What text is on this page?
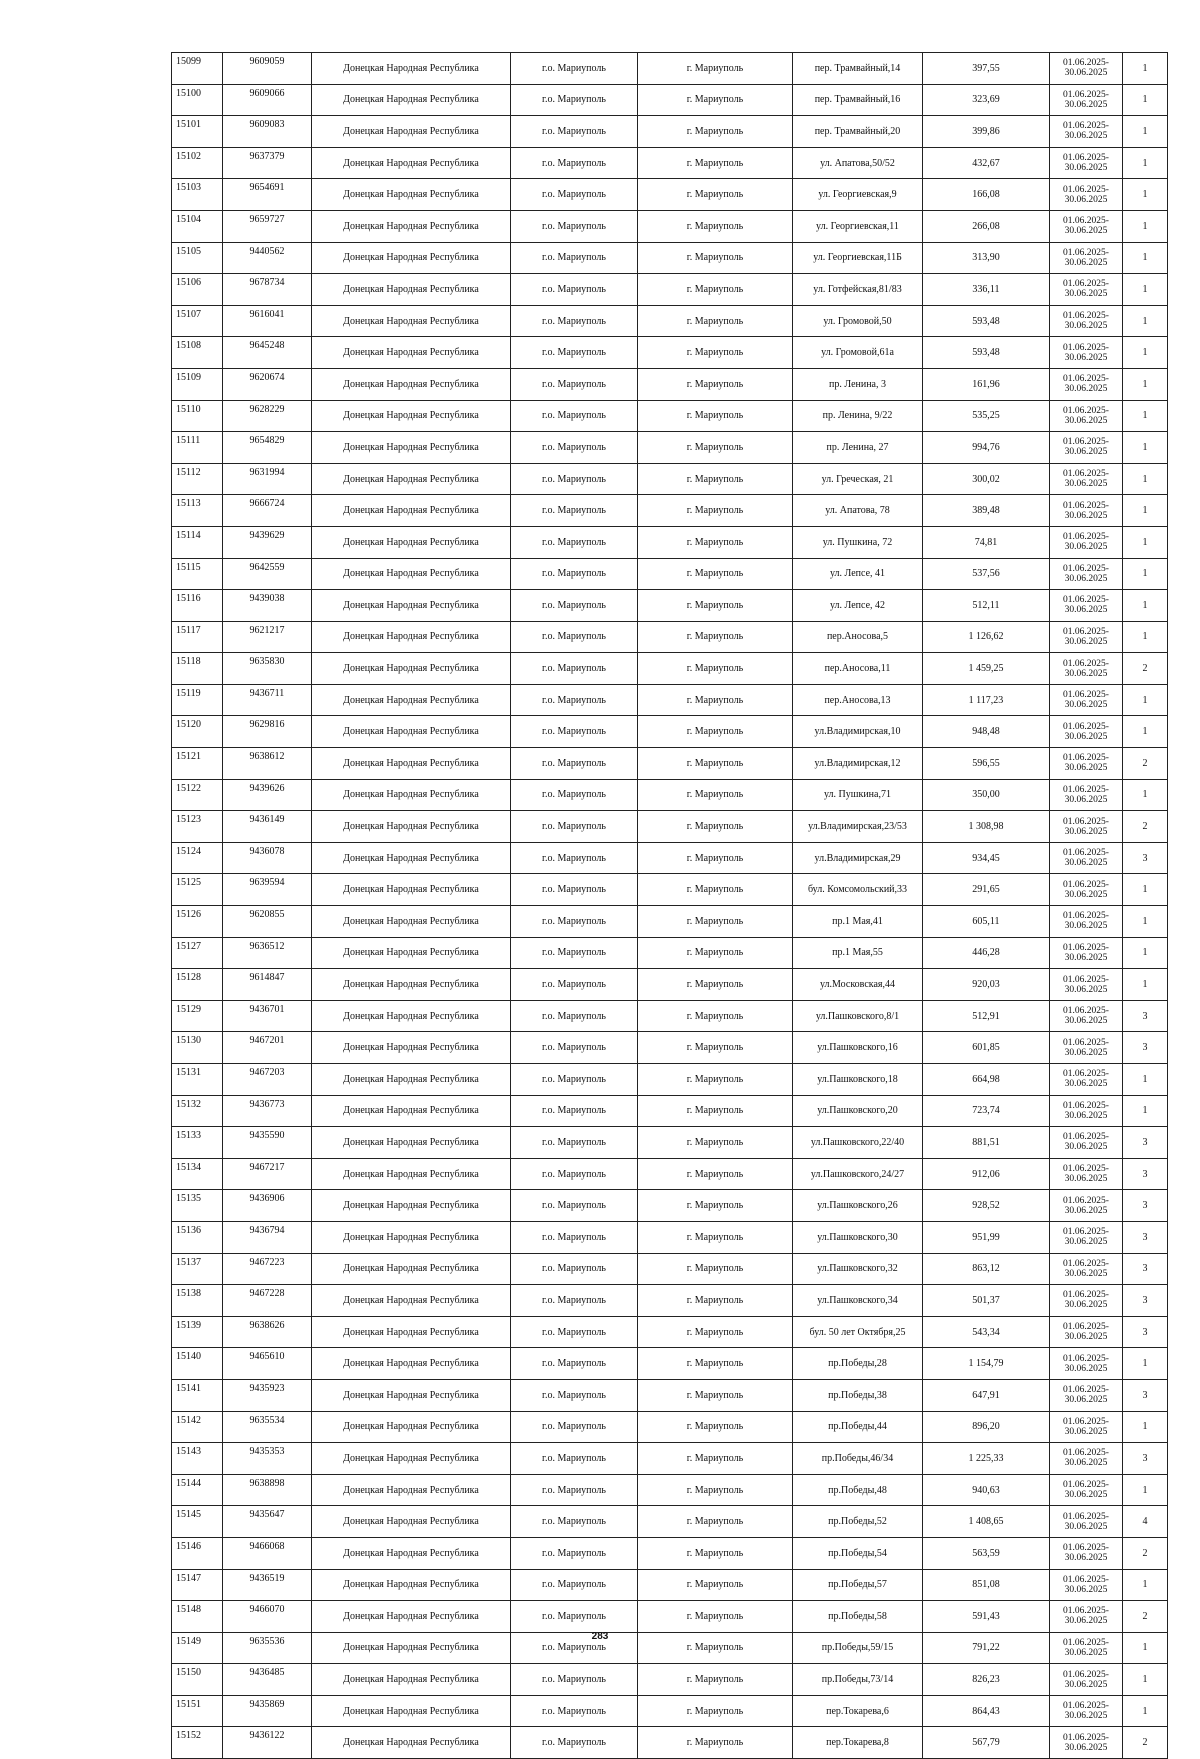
15099	9609059	Донецкая Народная Республика	г.о. Мариуполь	г. Мариуполь	пер. Трамвайный,14	397,55	01.06.2025-
30.06.2025	1
15100	9609066	Донецкая Народная Республика	г.о. Мариуполь	г. Мариуполь	пер. Трамвайный,16	323,69	01.06.2025-
30.06.2025	1
15101	9609083	Донецкая Народная Республика	г.о. Мариуполь	г. Мариуполь	пер. Трамвайный,20	399,86	01.06.2025-
30.06.2025	1
15102	9637379	Донецкая Народная Республика	г.о. Мариуполь	г. Мариуполь	ул. Апатова,50/52	432,67	01.06.2025-
30.06.2025	1
15103	9654691	Донецкая Народная Республика	г.о. Мариуполь	г. Мариуполь	ул. Георгиевская,9	166,08	01.06.2025-
30.06.2025	1
15104	9659727	Донецкая Народная Республика	г.о. Мариуполь	г. Мариуполь	ул. Георгиевская,11	266,08	01.06.2025-
30.06.2025	1
15105	9440562	Донецкая Народная Республика	г.о. Мариуполь	г. Мариуполь	ул. Георгиевская,11Б	313,90	01.06.2025-
30.06.2025	1
15106	9678734	Донецкая Народная Республика	г.о. Мариуполь	г. Мариуполь	ул. Готфейская,81/83	336,11	01.06.2025-
30.06.2025	1
15107	9616041	Донецкая Народная Республика	г.о. Мариуполь	г. Мариуполь	ул. Громовой,50	593,48	01.06.2025-
30.06.2025	1
15108	9645248	Донецкая Народная Республика	г.о. Мариуполь	г. Мариуполь	ул. Громовой,61а	593,48	01.06.2025-
30.06.2025	1
15109	9620674	Донецкая Народная Республика	г.о. Мариуполь	г. Мариуполь	пр. Ленина, 3	161,96	01.06.2025-
30.06.2025	1
15110	9628229	Донецкая Народная Республика	г.о. Мариуполь	г. Мариуполь	пр. Ленина, 9/22	535,25	01.06.2025-
30.06.2025	1
15111	9654829	Донецкая Народная Республика	г.о. Мариуполь	г. Мариуполь	пр. Ленина, 27	994,76	01.06.2025-
30.06.2025	1
15112	9631994	Донецкая Народная Республика	г.о. Мариуполь	г. Мариуполь	ул. Греческая, 21	300,02	01.06.2025-
30.06.2025	1
15113	9666724	Донецкая Народная Республика	г.о. Мариуполь	г. Мариуполь	ул. Апатова, 78	389,48	01.06.2025-
30.06.2025	1
15114	9439629	Донецкая Народная Республика	г.о. Мариуполь	г. Мариуполь	ул. Пушкина, 72	74,81	01.06.2025-
30.06.2025	1
15115	9642559	Донецкая Народная Республика	г.о. Мариуполь	г. Мариуполь	ул. Лепсе, 41	537,56	01.06.2025-
30.06.2025	1
15116	9439038	Донецкая Народная Республика	г.о. Мариуполь	г. Мариуполь	ул. Лепсе, 42	512,11	01.06.2025-
30.06.2025	1
15117	9621217	Донецкая Народная Республика	г.о. Мариуполь	г. Мариуполь	пер.Аносова,5	1 126,62	01.06.2025-
30.06.2025	1
15118	9635830	Донецкая Народная Республика	г.о. Мариуполь	г. Мариуполь	пер.Аносова,11	1 459,25	01.06.2025-
30.06.2025	2
15119	9436711	Донецкая Народная Республика	г.о. Мариуполь	г. Мариуполь	пер.Аносова,13	1 117,23	01.06.2025-
30.06.2025	1
15120	9629816	Донецкая Народная Республика	г.о. Мариуполь	г. Мариуполь	ул.Владимирская,10	948,48	01.06.2025-
30.06.2025	1
15121	9638612	Донецкая Народная Республика	г.о. Мариуполь	г. Мариуполь	ул.Владимирская,12	596,55	01.06.2025-
30.06.2025	2
15122	9439626	Донецкая Народная Республика	г.о. Мариуполь	г. Мариуполь	ул. Пушкина,71	350,00	01.06.2025-
30.06.2025	1
15123	9436149	Донецкая Народная Республика	г.о. Мариуполь	г. Мариуполь	ул.Владимирская,23/53	1 308,98	01.06.2025-
30.06.2025	2
15124	9436078	Донецкая Народная Республика	г.о. Мариуполь	г. Мариуполь	ул.Владимирская,29	934,45	01.06.2025-
30.06.2025	3
15125	9639594	Донецкая Народная Республика	г.о. Мариуполь	г. Мариуполь	бул. Комсомольский,33	291,65	01.06.2025-
30.06.2025	1
15126	9620855	Донецкая Народная Республика	г.о. Мариуполь	г. Мариуполь	пр.1 Мая,41	605,11	01.06.2025-
30.06.2025	1
15127	9636512	Донецкая Народная Республика	г.о. Мариуполь	г. Мариуполь	пр.1 Мая,55	446,28	01.06.2025-
30.06.2025	1
15128	9614847	Донецкая Народная Республика	г.о. Мариуполь	г. Мариуполь	ул.Московская,44	920,03	01.06.2025-
30.06.2025	1
15129	9436701	Донецкая Народная Республика	г.о. Мариуполь	г. Мариуполь	ул.Пашковского,8/1	512,91	01.06.2025-
30.06.2025	3
15130	9467201	Донецкая Народная Республика	г.о. Мариуполь	г. Мариуполь	ул.Пашковского,16	601,85	01.06.2025-
30.06.2025	3
15131	9467203	Донецкая Народная Республика	г.о. Мариуполь	г. Мариуполь	ул.Пашковского,18	664,98	01.06.2025-
30.06.2025	1
15132	9436773	Донецкая Народная Республика	г.о. Мариуполь	г. Мариуполь	ул.Пашковского,20	723,74	01.06.2025-
30.06.2025	1
15133	9435590	Донецкая Народная Республика	г.о. Мариуполь	г. Мариуполь	ул.Пашковского,22/40	881,51	01.06.2025-
30.06.2025	3
15134	9467217	Донецкая Народная Республика	г.о. Мариуполь	г. Мариуполь	ул.Пашковского,24/27	912,06	01.06.2025-
30.06.2025	3
15135	9436906	Донецкая Народная Республика	г.о. Мариуполь	г. Мариуполь	ул.Пашковского,26	928,52	01.06.2025-
30.06.2025	3
15136	9436794	Донецкая Народная Республика	г.о. Мариуполь	г. Мариуполь	ул.Пашковского,30	951,99	01.06.2025-
30.06.2025	3
15137	9467223	Донецкая Народная Республика	г.о. Мариуполь	г. Мариуполь	ул.Пашковского,32	863,12	01.06.2025-
30.06.2025	3
15138	9467228	Донецкая Народная Республика	г.о. Мариуполь	г. Мариуполь	ул.Пашковского,34	501,37	01.06.2025-
30.06.2025	3
15139	9638626	Донецкая Народная Республика	г.о. Мариуполь	г. Мариуполь	бул. 50 лет Октября,25	543,34	01.06.2025-
30.06.2025	3
15140	9465610	Донецкая Народная Республика	г.о. Мариуполь	г. Мариуполь	пр.Победы,28	1 154,79	01.06.2025-
30.06.2025	1
15141	9435923	Донецкая Народная Республика	г.о. Мариуполь	г. Мариуполь	пр.Победы,38	647,91	01.06.2025-
30.06.2025	3
15142	9635534	Донецкая Народная Республика	г.о. Мариуполь	г. Мариуполь	пр.Победы,44	896,20	01.06.2025-
30.06.2025	1
15143	9435353	Донецкая Народная Республика	г.о. Мариуполь	г. Мариуполь	пр.Победы,46/34	1 225,33	01.06.2025-
30.06.2025	3
15144	9638898	Донецкая Народная Республика	г.о. Мариуполь	г. Мариуполь	пр.Победы,48	940,63	01.06.2025-
30.06.2025	1
15145	9435647	Донецкая Народная Республика	г.о. Мариуполь	г. Мариуполь	пр.Победы,52	1 408,65	01.06.2025-
30.06.2025	4
15146	9466068	Донецкая Народная Республика	г.о. Мариуполь	г. Мариуполь	пр.Победы,54	563,59	01.06.2025-
30.06.2025	2
15147	9436519	Донецкая Народная Республика	г.о. Мариуполь	г. Мариуполь	пр.Победы,57	851,08	01.06.2025-
30.06.2025	1
15148	9466070	Донецкая Народная Республика	г.о. Мариуполь	г. Мариуполь	пр.Победы,58	591,43	01.06.2025-
30.06.2025	2
15149	9635536	Донецкая Народная Республика	г.о. Мариуполь	г. Мариуполь	пр.Победы,59/15	791,22	01.06.2025-
30.06.2025	1
15150	9436485	Донецкая Народная Республика	г.о. Мариуполь	г. Мариуполь	пр.Победы,73/14	826,23	01.06.2025-
30.06.2025	1
15151	9435869	Донецкая Народная Республика	г.о. Мариуполь	г. Мариуполь	пер.Токарева,6	864,43	01.06.2025-
30.06.2025	1
15152	9436122	Донецкая Народная Республика	г.о. Мариуполь	г. Мариуполь	пер.Токарева,8	567,79	01.06.2025-
30.06.2025	2
283
